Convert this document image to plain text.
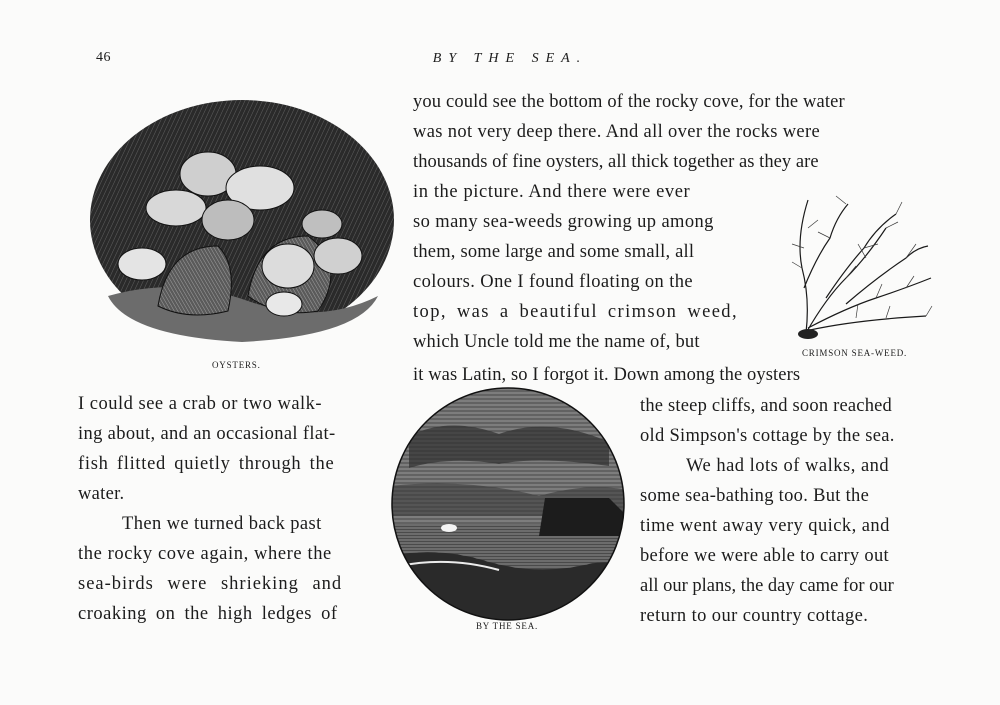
46	BY THE SEA.
OYSTERS.
CRIMSON SEA-WEED.
BY THE SEA.
you could see the bottom of the rocky cove, for the water
was not very deep there. And all over the rocks were
thousands of fine oysters, all thick together as they are
in the picture. And there were ever
so many sea-weeds growing up among
them, some large and some small, all
colours. One I found floating on the
top, was a beautiful crimson weed,
which Uncle told me the name of, but
it was Latin, so I forgot it. Down among the oysters
I could see a crab or two walk-
ing about, and an occasional flat-
fish flitted quietly through the
water.
Then we turned back past
the rocky cove again, where the
sea-birds were shrieking and
croaking on the high ledges of
the steep cliffs, and soon reached
old Simpson's cottage by the sea.
We had lots of walks, and
some sea-bathing too. But the
time went away very quick, and
before we were able to carry out
all our plans, the day came for our
return to our country cottage.
